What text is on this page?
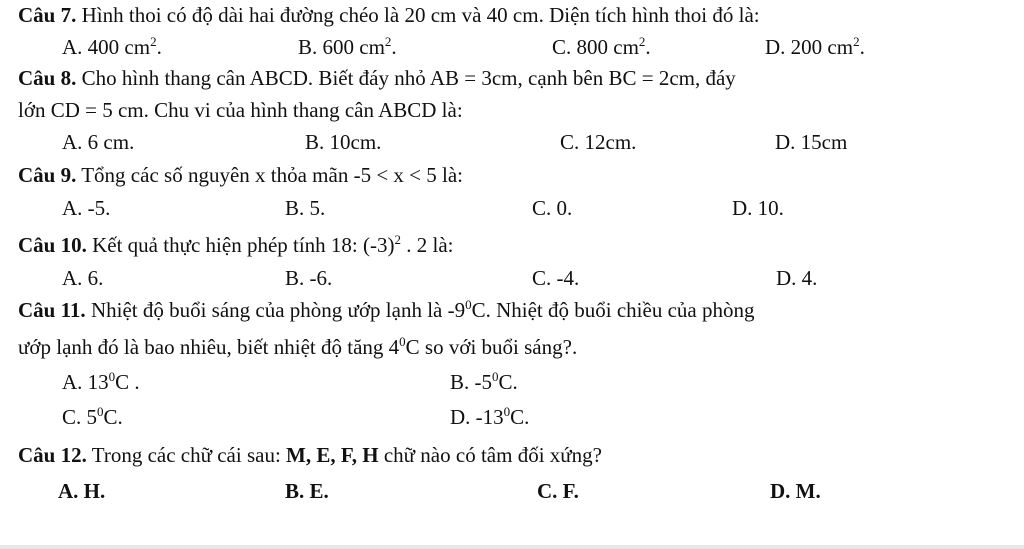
Câu 7. Hình thoi có độ dài hai đường chéo là 20 cm và 40 cm. Diện tích hình thoi đó là:
A. 400 $cm^2$.	B. 600 $cm^2$.	C. 800 $cm^2$.	D. 200 $cm^2$.
Câu 8. Cho hình thang cân ABCD. Biết đáy nhỏ AB = 3cm, cạnh bên BC = 2cm, đáy
lớn CD = 5 cm. Chu vi của hình thang cân ABCD là:
A. 6 cm.	B. 10cm.	C. 12cm.	D. 15cm
Câu 9. Tổng các số nguyên x thỏa mãn -5 < x < 5 là:
A. -5.	B. 5.	C. 0.	D. 10.
Câu 10. Kết quả thực hiện phép tính 18: $(-3)^2$ . 2 là:
A. 6.	B. -6.	C. -4.	D. 4.
Câu 11. Nhiệt độ buổi sáng của phòng ướp lạnh là $-9^0C$. Nhiệt độ buổi chiều của phòng
ướp lạnh đó là bao nhiêu, biết nhiệt độ tăng $4^0C$ so với buổi sáng?.
A. $13^0C$ .	B. $-5^0C$.
C. $5^0C$.	D. $-13^0C$.
Câu 12. Trong các chữ cái sau: M, E, F, H chữ nào có tâm đối xứng?
A. H.	B. E.	C. F.	D. M.
